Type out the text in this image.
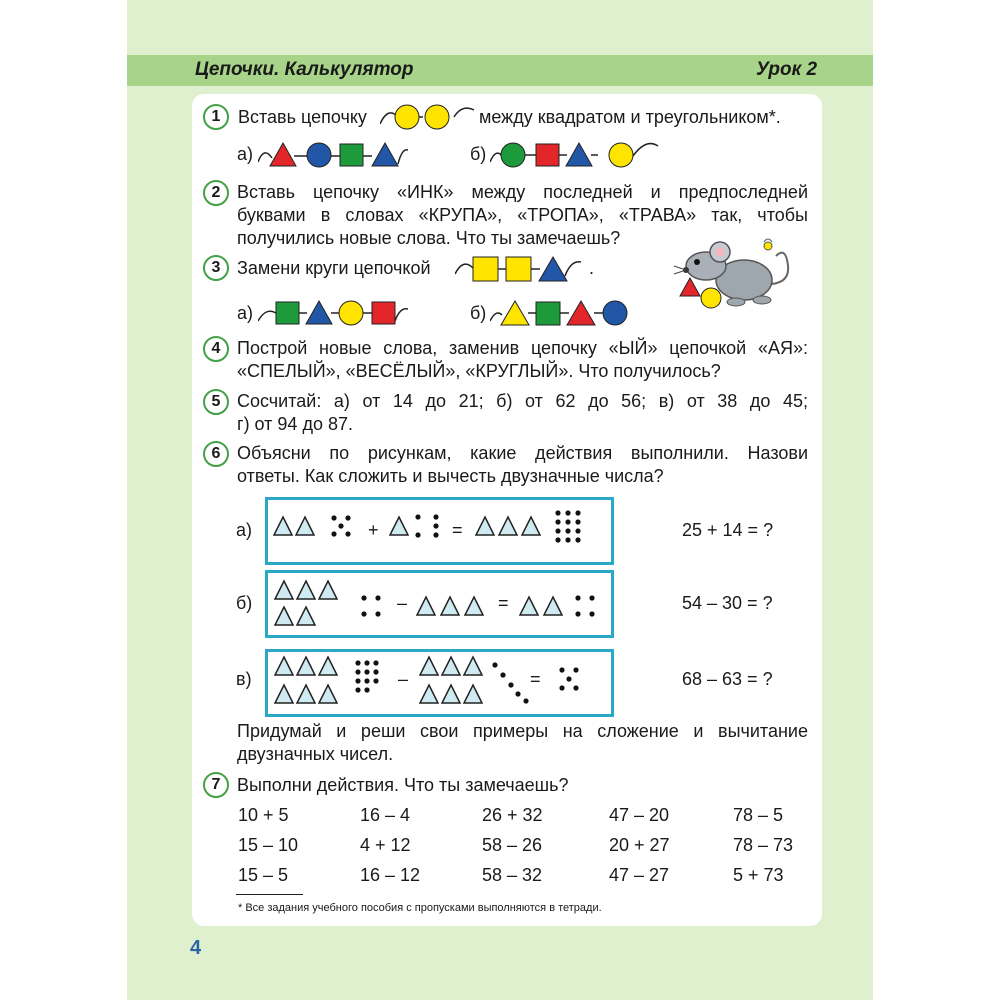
Цепочки. Калькулятор	Урок 2
1 Вставь цепочку	между квадратом и треугольником*.
а)	б)
2 Вставь цепочку «ИНК» между последней и предпоследней
буквами в словах «КРУПА», «ТРОПА», «ТРАВА» так, чтобы
получились новые слова. Что ты замечаешь?
3 Замени круги цепочкой	.
а)	б)
4 Построй новые слова, заменив цепочку «ЫЙ» цепочкой «АЯ»:
«СПЕЛЫЙ», «ВЕСЁЛЫЙ», «КРУГЛЫЙ». Что получилось?
5 Сосчитай: а) от 14 до 21; б) от 62 до 56; в) от 38 до 45;
г) от 94 до 87.
6 Объясни по рисункам, какие действия выполнили. Назови
ответы. Как сложить и вычесть двузначные числа?
а)	+	=	25 + 14 = ?
б)	–	=	54 – 30 = ?
в)	–	=	68 – 63 = ?
Придумай и реши свои примеры на сложение и вычитание
двузначных чисел.
7 Выполни действия. Что ты замечаешь?
10 + 5	16 – 4	26 + 32	47 – 20	78 – 5
15 – 10	4 + 12	58 – 26	20 + 27	78 – 73
15 – 5	16 – 12	58 – 32	47 – 27	5 + 73
* Все задания учебного пособия с пропусками выполняются в тетради.
4
